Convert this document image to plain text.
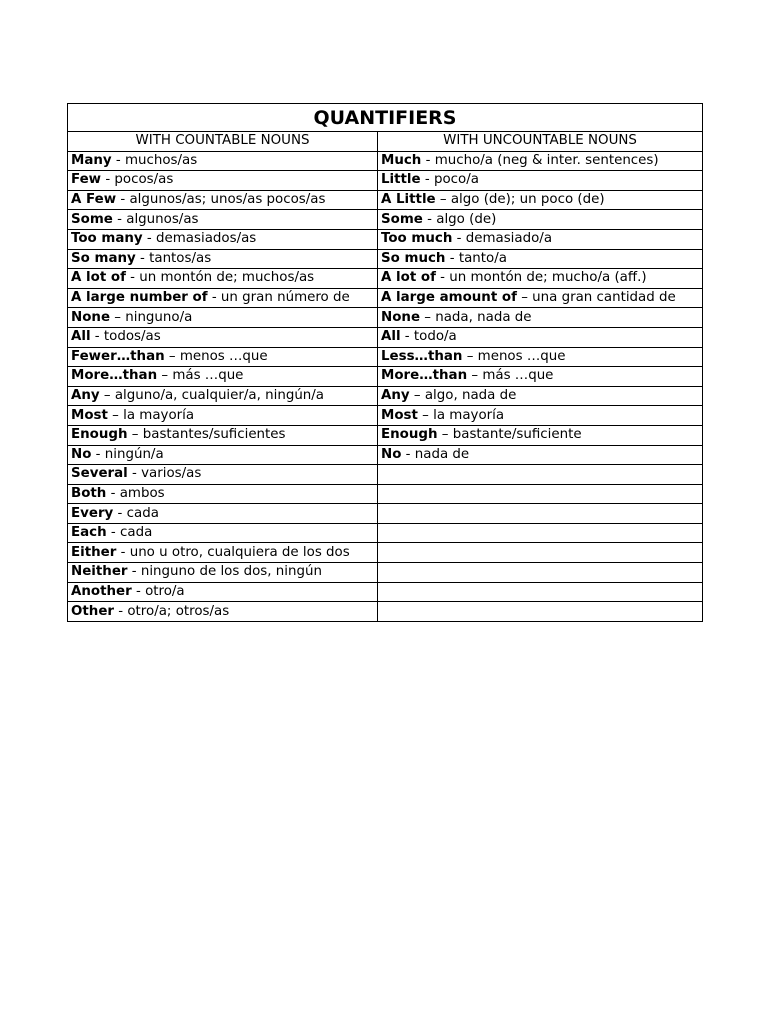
QUANTIFIERS	
WITH COUNTABLE NOUNS	WITH UNCOUNTABLE NOUNS
Many - muchos/as	Much - mucho/a (neg & inter. sentences)
Few - pocos/as	Little - poco/a
A Few - algunos/as; unos/as pocos/as	A Little – algo (de); un poco (de)
Some - algunos/as	Some - algo (de)
Too many - demasiados/as	Too much - demasiado/a
So many - tantos/as	So much - tanto/a
A lot of - un montón de; muchos/as	A lot of - un montón de; mucho/a (aff.)
A large number of - un gran número de	A large amount of – una gran cantidad de
None – ninguno/a	None – nada, nada de
All - todos/as	All - todo/a
Fewer…than – menos …que	Less…than – menos …que
More…than – más …que	More…than – más …que
Any – alguno/a, cualquier/a, ningún/a	Any – algo, nada de
Most – la mayoría	Most – la mayoría
Enough – bastantes/suficientes	Enough – bastante/suficiente
No - ningún/a	No - nada de
Several - varios/as	
Both - ambos	
Every - cada	
Each - cada	
Either - uno u otro, cualquiera de los dos	
Neither - ninguno de los dos, ningún	
Another - otro/a	
Other - otro/a; otros/as	
